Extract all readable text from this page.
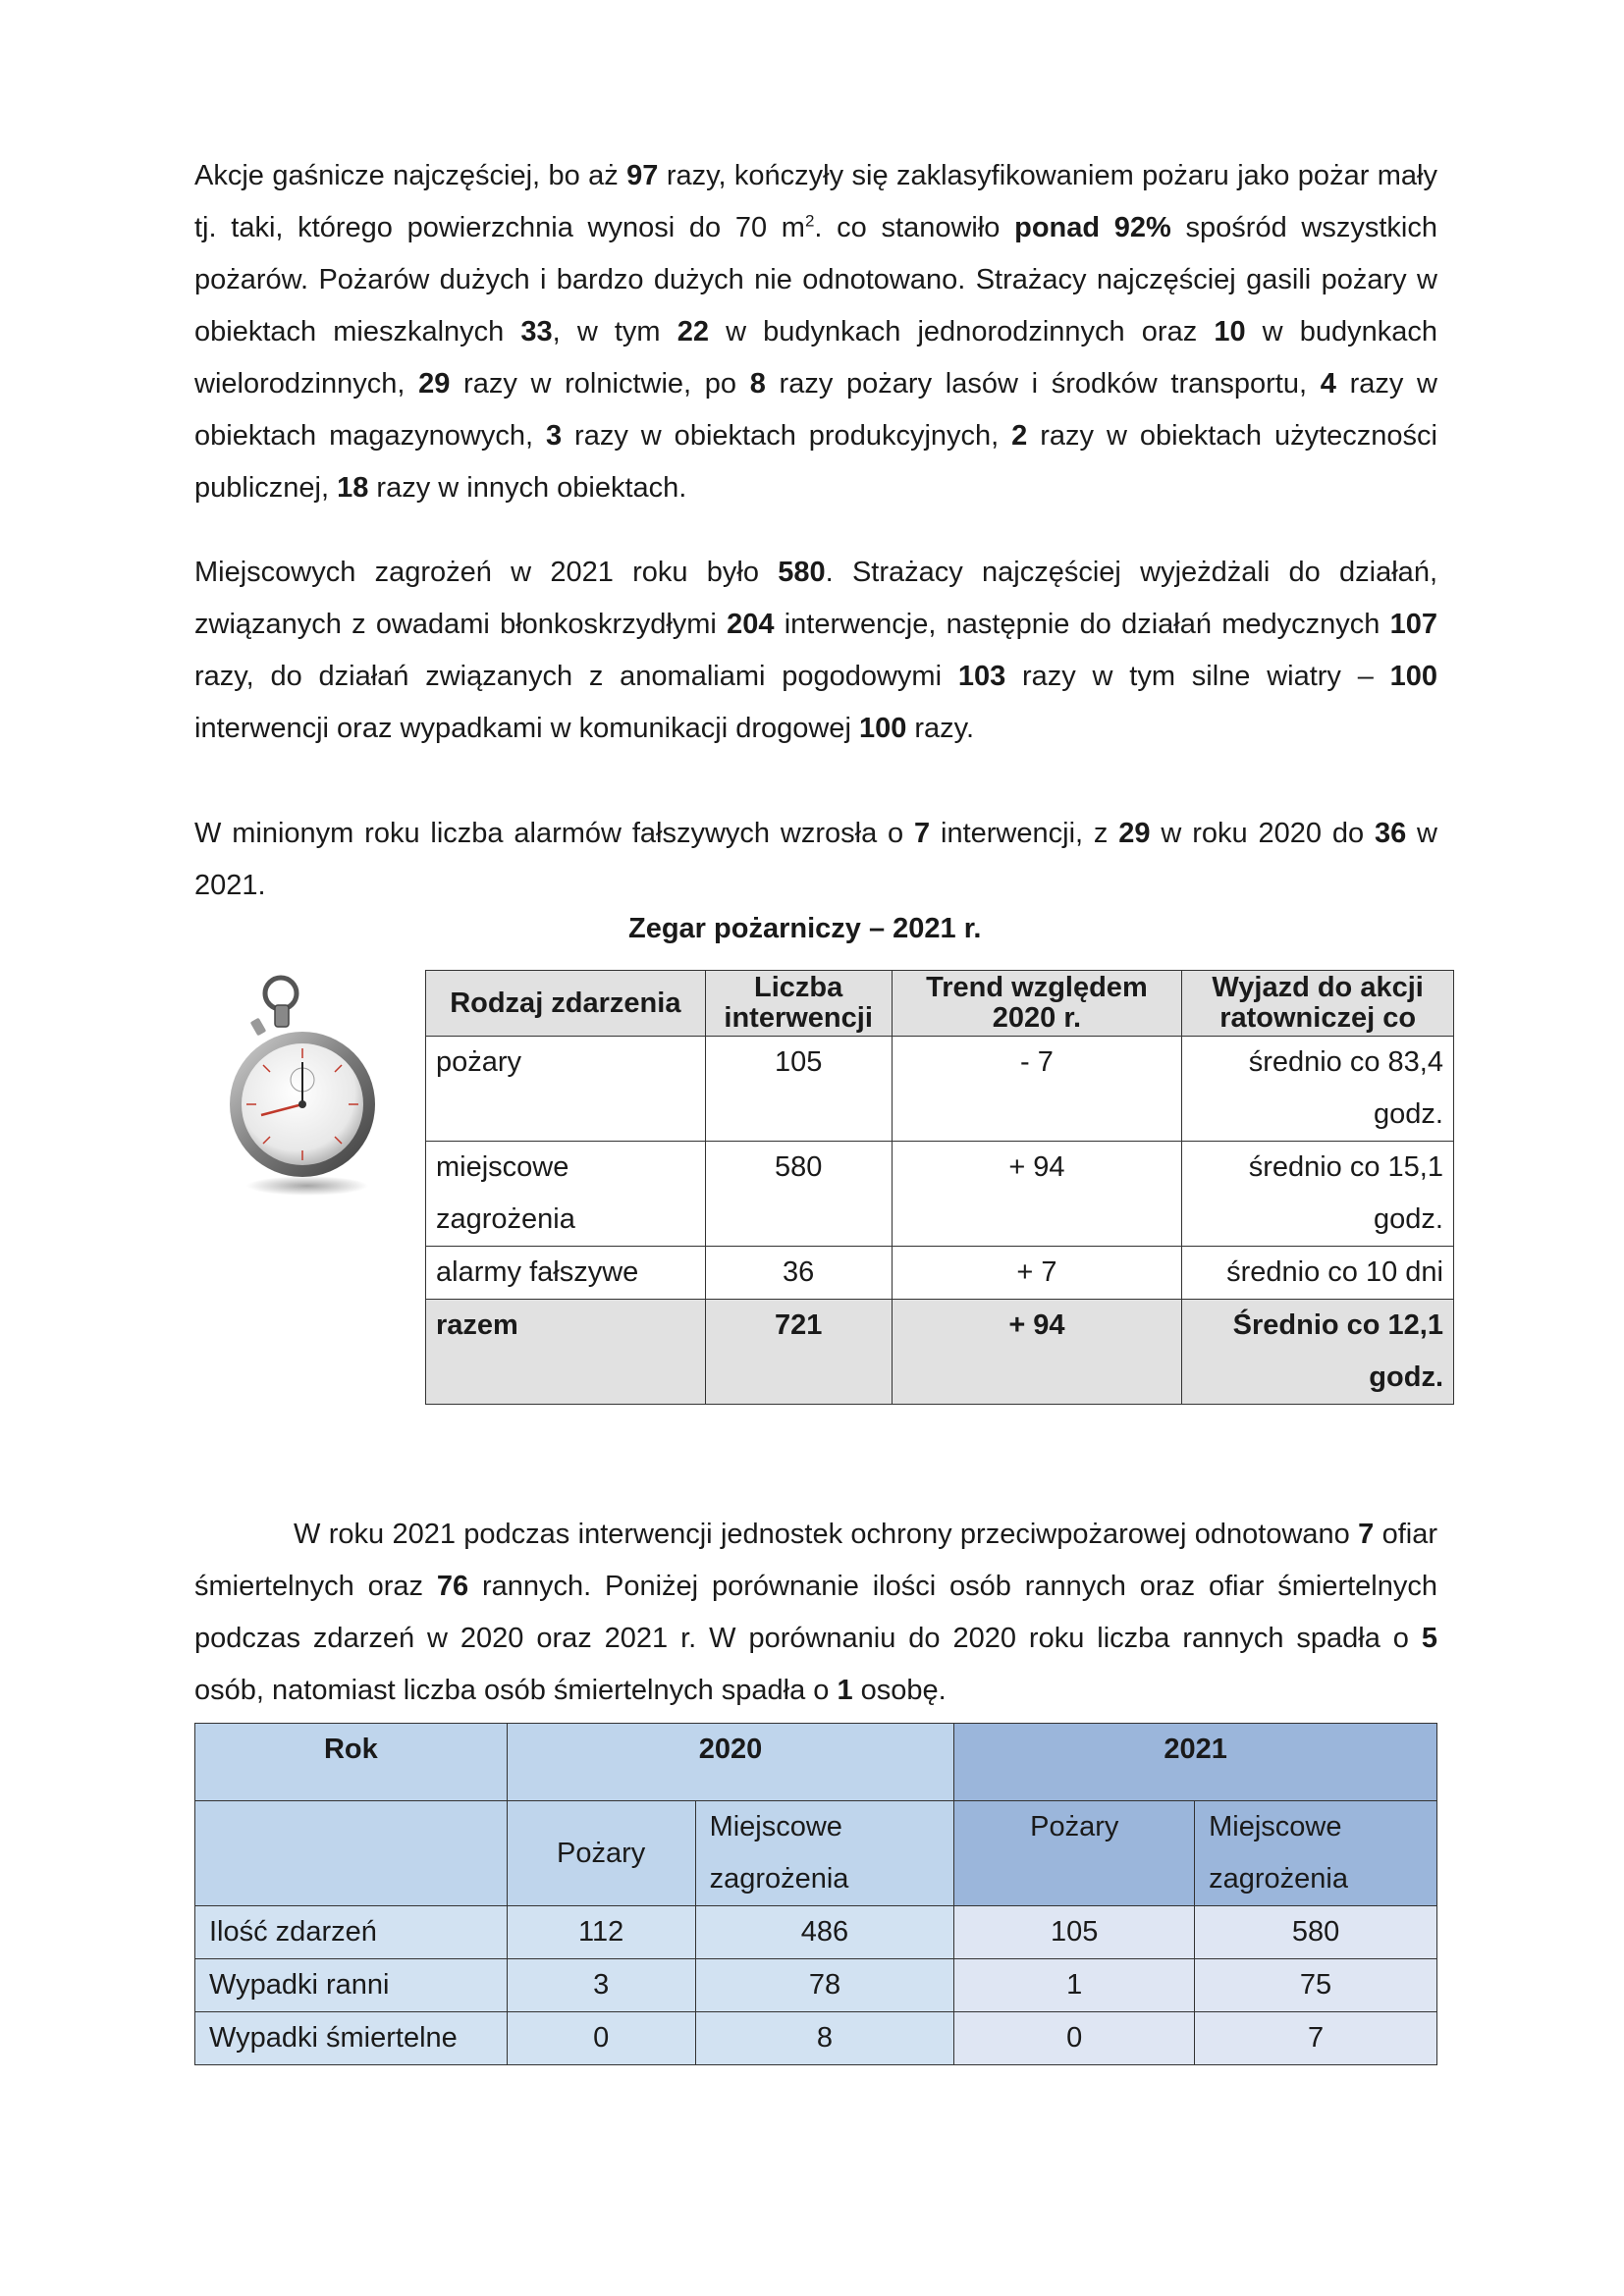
Akcje gaśnicze najczęściej, bo aż 97 razy, kończyły się zaklasyfikowaniem pożaru jako pożar mały tj. taki, którego powierzchnia wynosi do 70 $m^2$. co stanowiło ponad 92% spośród wszystkich pożarów. Pożarów dużych i bardzo dużych nie odnotowano. Strażacy najczęściej gasili pożary w obiektach mieszkalnych 33, w tym 22 w budynkach jednorodzinnych oraz 10 w budynkach wielorodzinnych, 29 razy w rolnictwie, po 8 razy pożary lasów i środków transportu, 4 razy w obiektach magazynowych, 3 razy w obiektach produkcyjnych, 2 razy w obiektach użyteczności publicznej, 18 razy w innych obiektach.

Miejscowych zagrożeń w 2021 roku było 580. Strażacy najczęściej wyjeżdżali do działań, związanych z owadami błonkoskrzydłymi 204 interwencje, następnie do działań medycznych 107 razy, do działań związanych z anomaliami pogodowymi 103 razy w tym silne wiatry – 100 interwencji oraz wypadkami w komunikacji drogowej 100 razy.

W minionym roku liczba alarmów fałszywych wzrosła o 7 interwencji, z 29 w roku 2020 do 36 w 2021.

Zegar pożarniczy – 2021 r.
Rodzaj zdarzenia	Liczba interwencji	Trend względem 2020 r.	Wyjazd do akcji ratowniczej co
pożary	105	- 7	średnio co 83,4 godz.
miejscowe zagrożenia	580	+ 94	średnio co 15,1 godz.
alarmy fałszywe	36	+ 7	średnio co 10 dni
razem	721	+ 94	Średnio co 12,1 godz.

W roku 2021 podczas interwencji jednostek ochrony przeciwpożarowej odnotowano 7 ofiar śmiertelnych oraz 76 rannych. Poniżej porównanie ilości osób rannych oraz ofiar śmiertelnych podczas zdarzeń w 2020 oraz 2021 r. W porównaniu do 2020 roku liczba rannych spadła o 5 osób, natomiast liczba osób śmiertelnych spadła o 1 osobę.

Rok	2020		2021	
	Pożary	Miejscowe zagrożenia	Pożary	Miejscowe zagrożenia
Ilość zdarzeń	112	486	105	580
Wypadki ranni	3	78	1	75
Wypadki śmiertelne	0	8	0	7
